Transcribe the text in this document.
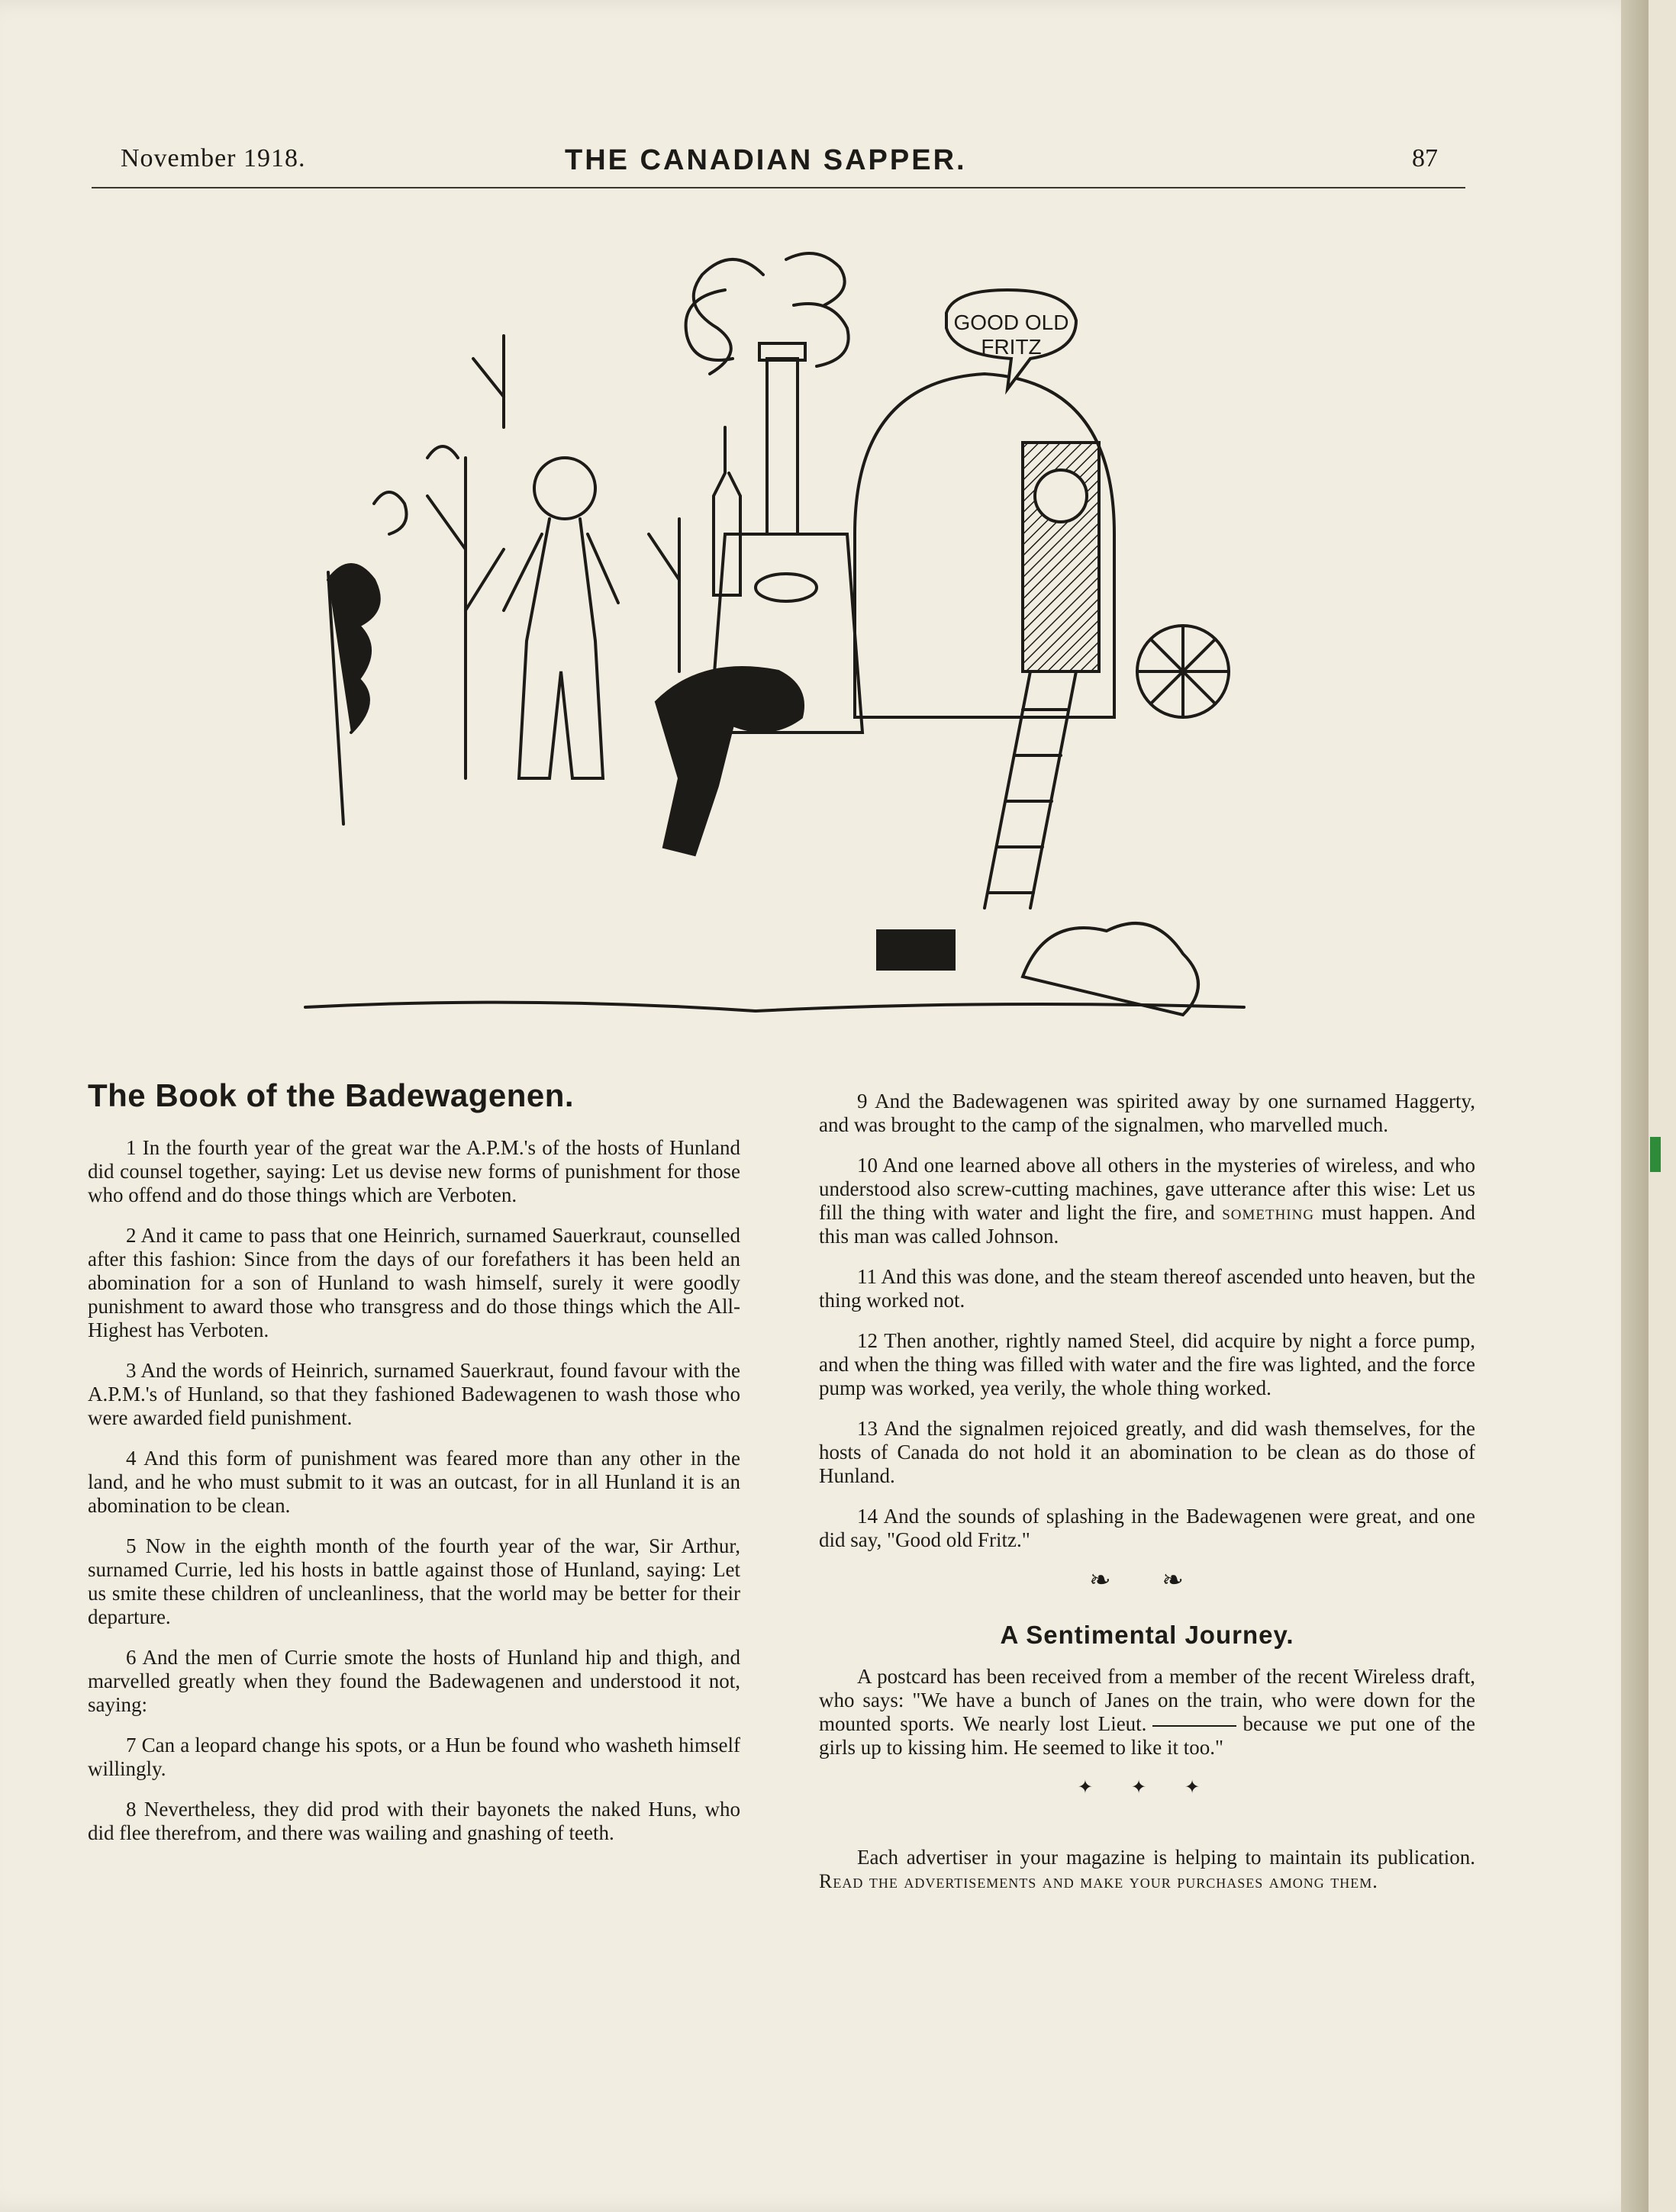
November 1918.	THE CANADIAN SAPPER.	87
GOOD OLD
FRITZ
The Book of the Badewagenen.

1 In the fourth year of the great war the A.P.M.'s of the hosts of Hunland did counsel together, saying: Let us devise new forms of punishment for those who offend and do those things which are Verboten.

2 And it came to pass that one Heinrich, surnamed Sauerkraut, counselled after this fashion: Since from the days of our forefathers it has been held an abomination for a son of Hunland to wash himself, surely it were goodly punishment to award those who transgress and do those things which the All-Highest has Verboten.

3 And the words of Heinrich, surnamed Sauerkraut, found favour with the A.P.M.'s of Hunland, so that they fashioned Badewagenen to wash those who were awarded field punishment.

4 And this form of punishment was feared more than any other in the land, and he who must submit to it was an outcast, for in all Hunland it is an abomination to be clean.

5 Now in the eighth month of the fourth year of the war, Sir Arthur, surnamed Currie, led his hosts in battle against those of Hunland, saying: Let us smite these children of uncleanliness, that the world may be better for their departure.

6 And the men of Currie smote the hosts of Hunland hip and thigh, and marvelled greatly when they found the Badewagenen and understood it not, saying:

7 Can a leopard change his spots, or a Hun be found who washeth himself willingly.

8 Nevertheless, they did prod with their bayonets the naked Huns, who did flee therefrom, and there was wailing and gnashing of teeth.

9 And the Badewagenen was spirited away by one surnamed Haggerty, and was brought to the camp of the signalmen, who marvelled much.

10 And one learned above all others in the mysteries of wireless, and who understood also screw-cutting machines, gave utterance after this wise: Let us fill the thing with water and light the fire, and something must happen. And this man was called Johnson.

11 And this was done, and the steam thereof ascended unto heaven, but the thing worked not.

12 Then another, rightly named Steel, did acquire by night a force pump, and when the thing was filled with water and the fire was lighted, and the force pump was worked, yea verily, the whole thing worked.

13 And the signalmen rejoiced greatly, and did wash themselves, for the hosts of Canada do not hold it an abomination to be clean as do those of Hunland.

14 And the sounds of splashing in the Badewagenen were great, and one did say, "Good old Fritz."

❧ ❧
A Sentimental Journey.

A postcard has been received from a member of the recent Wireless draft, who says: "We have a bunch of Janes on the train, who were down for the mounted sports. We nearly lost Lieut.	because we put one of the girls up to kissing him. He seemed to like it too."

✦ ✦ ✦

Each advertiser in your magazine is helping to maintain its publication. Read the advertisements and make your purchases among them.
